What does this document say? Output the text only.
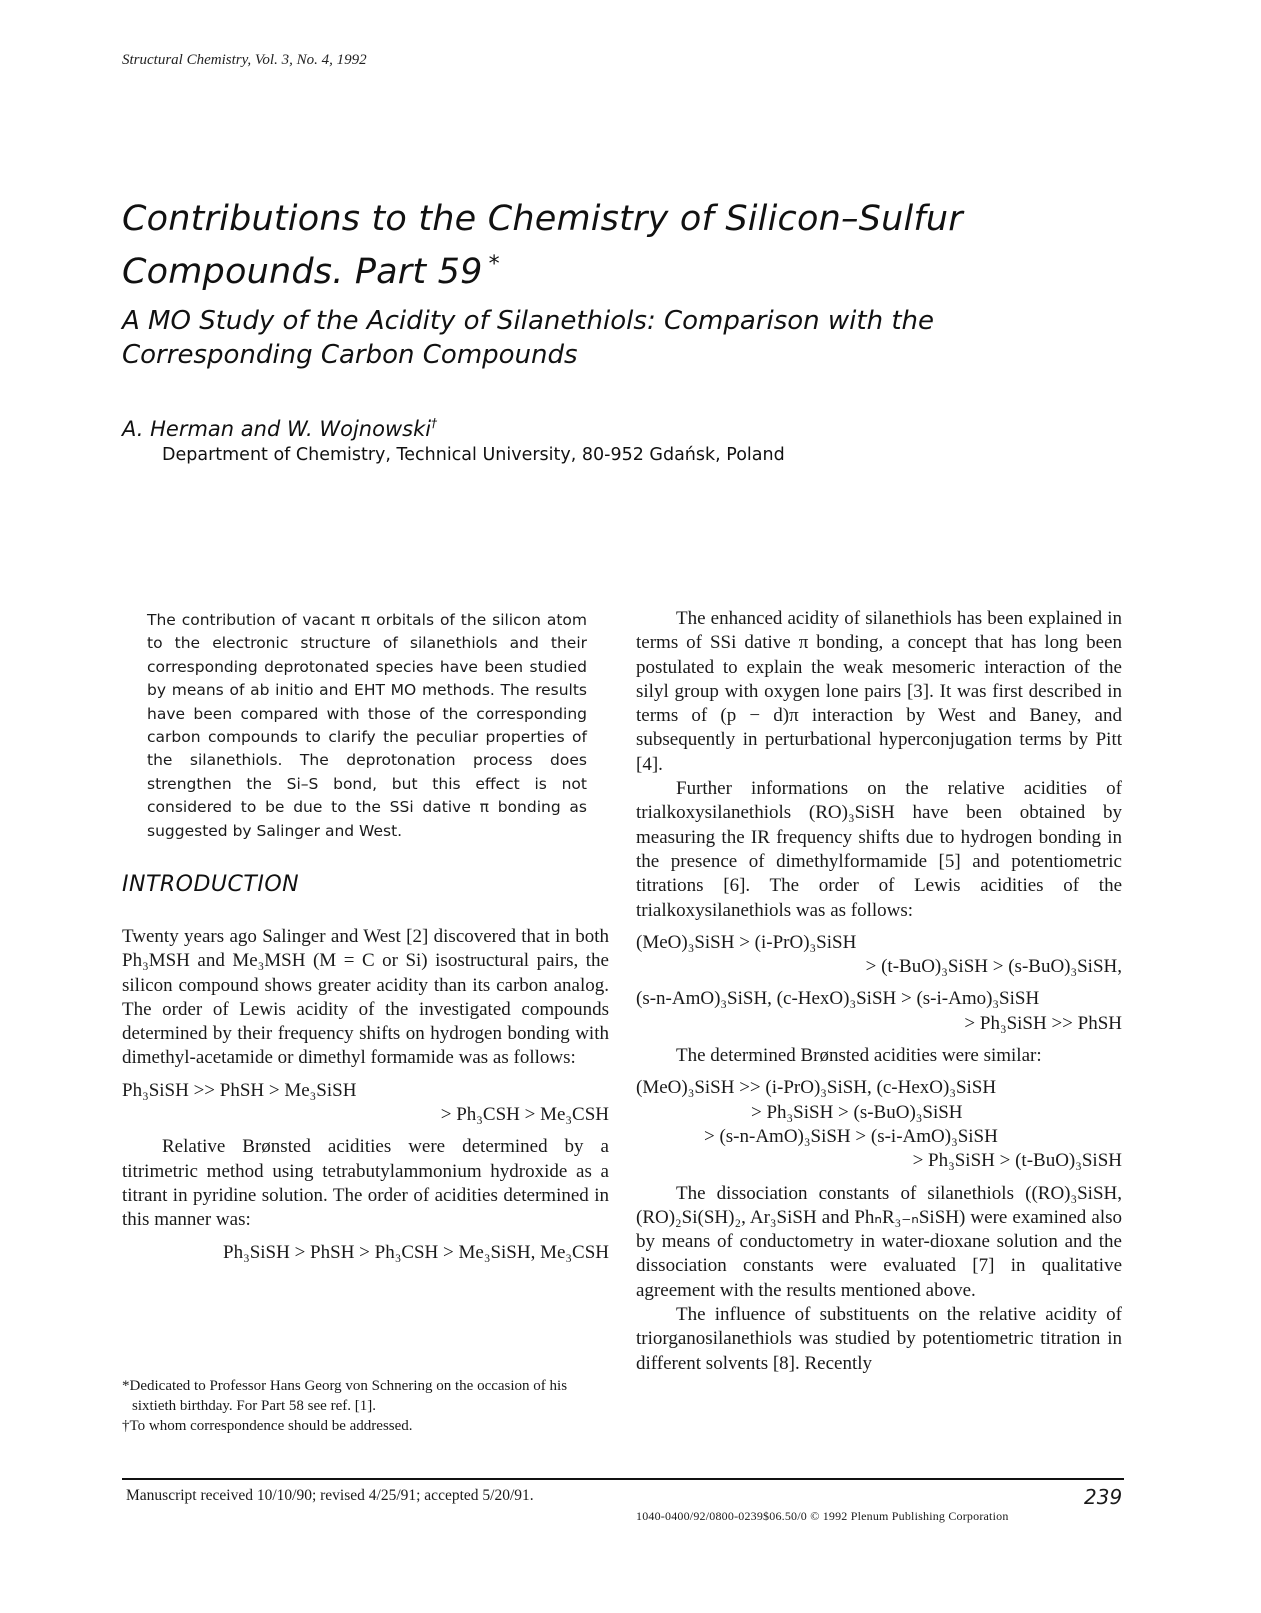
Structural Chemistry, Vol. 3, No. 4, 1992
Contributions to the Chemistry of Silicon–Sulfur
Compounds. Part 59 *
A MO Study of the Acidity of Silanethiols: Comparison with the
Corresponding Carbon Compounds
A. Herman and W. Wojnowski†
Department of Chemistry, Technical University, 80-952 Gdańsk, Poland
The contribution of vacant π orbitals of the silicon atom to the electronic structure of silanethiols and their corresponding deprotonated species have been studied by means of ab initio and EHT MO methods. The results have been compared with those of the corresponding carbon compounds to clarify the peculiar properties of the silanethiols. The deprotonation process does strengthen the Si–S bond, but this effect is not considered to be due to the SSi dative π bonding as suggested by Salinger and West.
INTRODUCTION

Twenty years ago Salinger and West [2] discovered that in both Ph₃MSH and Me₃MSH (M = C or Si) isostructural pairs, the silicon compound shows greater acidity than its carbon analog. The order of Lewis acidity of the investigated compounds determined by their frequency shifts on hydrogen bonding with dimethyl-acetamide or dimethyl formamide was as follows:

Ph₃SiSH >> PhSH > Me₃SiSH
> Ph₃CSH > Me₃CSH

Relative Brønsted acidities were determined by a titrimetric method using tetrabutylammonium hydroxide as a titrant in pyridine solution. The order of acidities determined in this manner was:

Ph₃SiSH > PhSH > Ph₃CSH > Me₃SiSH, Me₃CSH
*Dedicated to Professor Hans Georg von Schnering on the occasion of his sixtieth birthday. For Part 58 see ref. [1].
†To whom correspondence should be addressed.

The enhanced acidity of silanethiols has been explained in terms of SSi dative π bonding, a concept that has long been postulated to explain the weak mesomeric interaction of the silyl group with oxygen lone pairs [3]. It was first described in terms of (p − d)π interaction by West and Baney, and subsequently in perturbational hyperconjugation terms by Pitt [4].

Further informations on the relative acidities of trialkoxysilanethiols (RO)₃SiSH have been obtained by measuring the IR frequency shifts due to hydrogen bonding in the presence of dimethylformamide [5] and potentiometric titrations [6]. The order of Lewis acidities of the trialkoxysilanethiols was as follows:

(MeO)₃SiSH > (i-PrO)₃SiSH
> (t-BuO)₃SiSH > (s-BuO)₃SiSH,
(s-n-AmO)₃SiSH, (c-HexO)₃SiSH > (s-i-Amo)₃SiSH
> Ph₃SiSH >> PhSH

The determined Brønsted acidities were similar:

(MeO)₃SiSH >> (i-PrO)₃SiSH, (c-HexO)₃SiSH
> Ph₃SiSH > (s-BuO)₃SiSH
> (s-n-AmO)₃SiSH > (s-i-AmO)₃SiSH
> Ph₃SiSH > (t-BuO)₃SiSH

The dissociation constants of silanethiols ((RO)₃SiSH, (RO)₂Si(SH)₂, Ar₃SiSH and PhₙR₃₋ₙSiSH) were examined also by means of conductometry in water-dioxane solution and the dissociation constants were evaluated [7] in qualitative agreement with the results mentioned above.

The influence of substituents on the relative acidity of triorganosilanethiols was studied by potentiometric titration in different solvents [8]. Recently

Manuscript received 10/10/90; revised 4/25/91; accepted 5/20/91.	239
1040-0400/92/0800-0239$06.50/0 © 1992 Plenum Publishing Corporation
